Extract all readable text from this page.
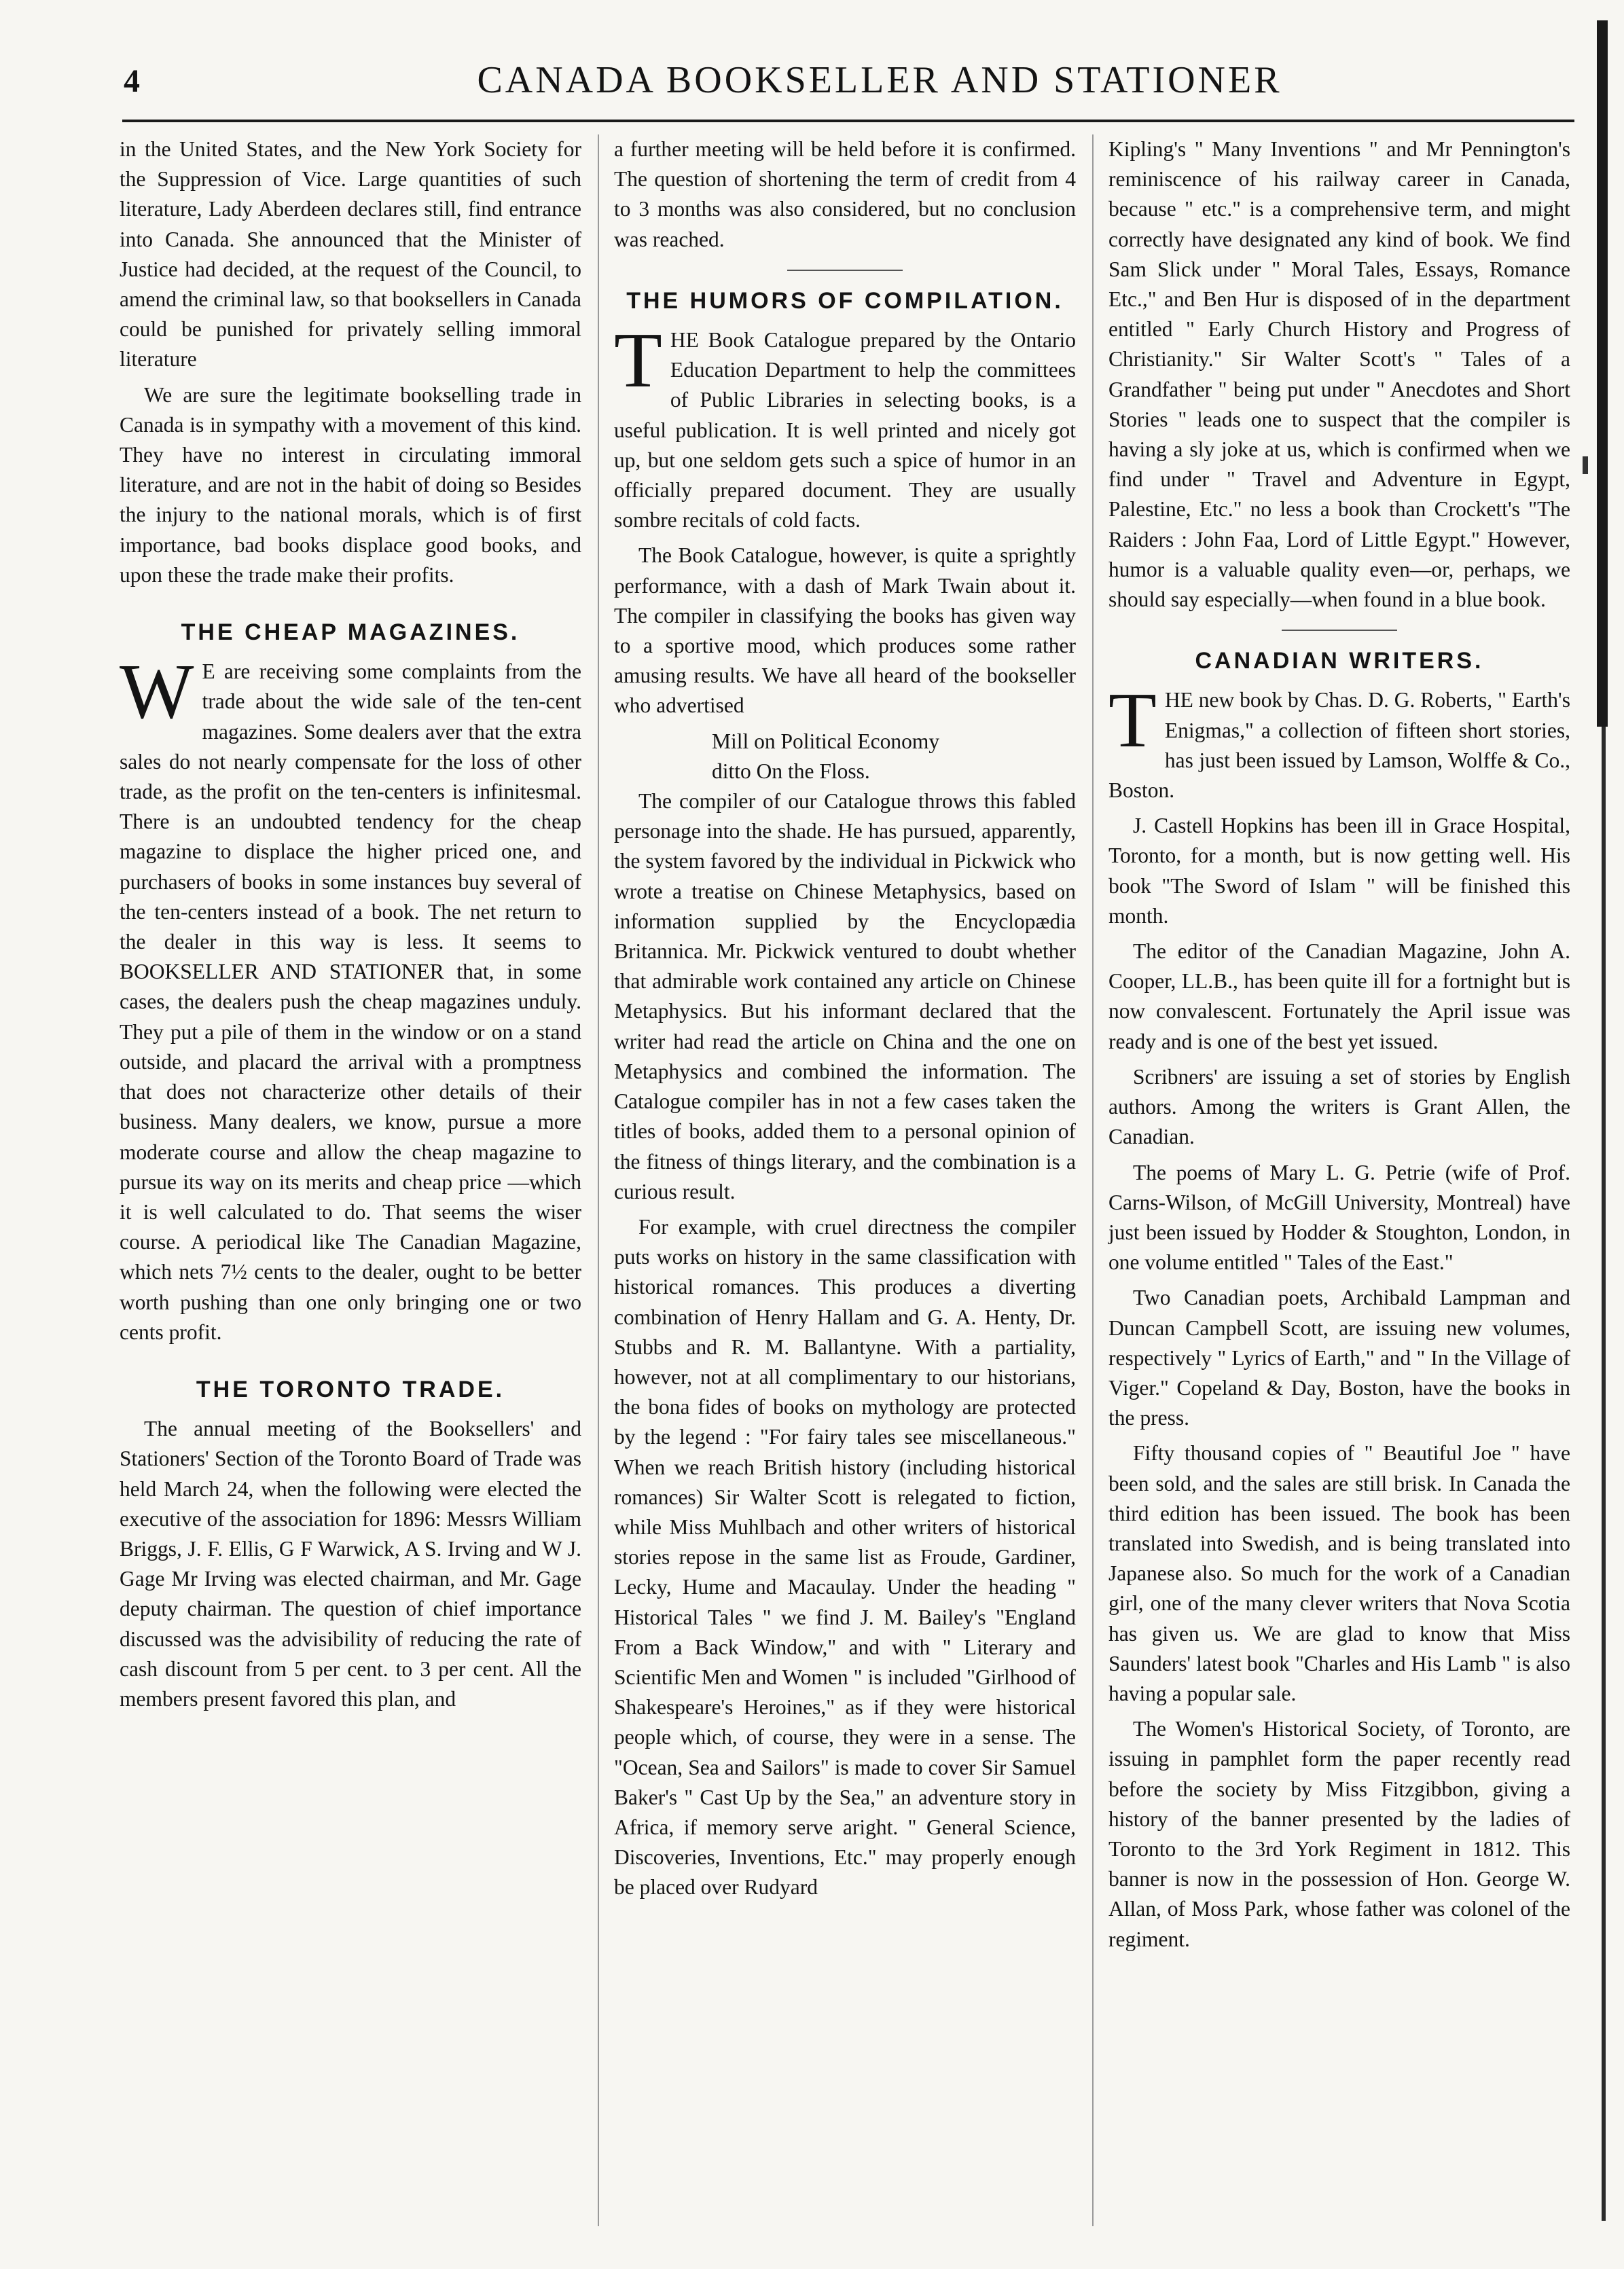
4	CANADA BOOKSELLER AND STATIONER

in the United States, and the New York Society for the Suppression of Vice. Large quantities of such literature, Lady Aberdeen declares still, find entrance into Canada. She announced that the Minister of Justice had decided, at the request of the Council, to amend the criminal law, so that booksellers in Canada could be punished for privately selling immoral literature

We are sure the legitimate bookselling trade in Canada is in sympathy with a movement of this kind. They have no interest in circulating immoral literature, and are not in the habit of doing so Besides the injury to the national morals, which is of first importance, bad books displace good books, and upon these the trade make their profits.

THE CHEAP MAGAZINES.

W E are receiving some complaints from the trade about the wide sale of the ten-cent magazines. Some dealers aver that the extra sales do not nearly compensate for the loss of other trade, as the profit on the ten-centers is infinitesmal. There is an undoubted tendency for the cheap magazine to displace the higher priced one, and purchasers of books in some instances buy several of the ten-centers instead of a book. The net return to the dealer in this way is less. It seems to BOOKSELLER AND STATIONER that, in some cases, the dealers push the cheap magazines unduly. They put a pile of them in the window or on a stand outside, and placard the arrival with a promptness that does not characterize other details of their business. Many dealers, we know, pursue a more moderate course and allow the cheap magazine to pursue its way on its merits and cheap price —which it is well calculated to do. That seems the wiser course. A periodical like The Canadian Magazine, which nets 7½ cents to the dealer, ought to be better worth pushing than one only bringing one or two cents profit.

THE TORONTO TRADE.

The annual meeting of the Booksellers' and Stationers' Section of the Toronto Board of Trade was held March 24, when the following were elected the executive of the association for 1896: Messrs William Briggs, J. F. Ellis, G F Warwick, A S. Irving and W J. Gage Mr Irving was elected chairman, and Mr. Gage deputy chairman. The question of chief importance discussed was the advisibility of reducing the rate of cash discount from 5 per cent. to 3 per cent. All the members present favored this plan, and

a further meeting will be held before it is confirmed. The question of shortening the term of credit from 4 to 3 months was also considered, but no conclusion was reached.

THE HUMORS OF COMPILATION.

THE Book Catalogue prepared by the Ontario Education Department to help the committees of Public Libraries in selecting books, is a useful publication. It is well printed and nicely got up, but one seldom gets such a spice of humor in an officially prepared document. They are usually sombre recitals of cold facts.

The Book Catalogue, however, is quite a sprightly performance, with a dash of Mark Twain about it. The compiler in classifying the books has given way to a sportive mood, which produces some rather amusing results. We have all heard of the bookseller who advertised

Mill on Political Economy

ditto On the Floss.

The compiler of our Catalogue throws this fabled personage into the shade. He has pursued, apparently, the system favored by the individual in Pickwick who wrote a treatise on Chinese Metaphysics, based on information supplied by the Encyclopædia Britannica. Mr. Pickwick ventured to doubt whether that admirable work contained any article on Chinese Metaphysics. But his informant declared that the writer had read the article on China and the one on Metaphysics and combined the information. The Catalogue compiler has in not a few cases taken the titles of books, added them to a personal opinion of the fitness of things literary, and the combination is a curious result.

For example, with cruel directness the compiler puts works on history in the same classification with historical romances. This produces a diverting combination of Henry Hallam and G. A. Henty, Dr. Stubbs and R. M. Ballantyne. With a partiality, however, not at all complimentary to our historians, the bona fides of books on mythology are protected by the legend : "For fairy tales see miscellaneous." When we reach British history (including historical romances) Sir Walter Scott is relegated to fiction, while Miss Muhlbach and other writers of historical stories repose in the same list as Froude, Gardiner, Lecky, Hume and Macaulay. Under the heading " Historical Tales " we find J. M. Bailey's "England From a Back Window," and with " Literary and Scientific Men and Women " is included "Girlhood of Shakespeare's Heroines," as if they were historical people which, of course, they were in a sense. The "Ocean, Sea and Sailors" is made to cover Sir Samuel Baker's " Cast Up by the Sea," an adventure story in Africa, if memory serve aright. " General Science, Discoveries, Inventions, Etc." may properly enough be placed over Rudyard

Kipling's " Many Inventions " and Mr Pennington's reminiscence of his railway career in Canada, because " etc." is a comprehensive term, and might correctly have designated any kind of book. We find Sam Slick under " Moral Tales, Essays, Romance Etc.," and Ben Hur is disposed of in the department entitled " Early Church History and Progress of Christianity." Sir Walter Scott's " Tales of a Grandfather " being put under " Anecdotes and Short Stories " leads one to suspect that the compiler is having a sly joke at us, which is confirmed when we find under " Travel and Adventure in Egypt, Palestine, Etc." no less a book than Crockett's "The Raiders : John Faa, Lord of Little Egypt." However, humor is a valuable quality even—or, perhaps, we should say especially—when found in a blue book.

CANADIAN WRITERS.

THE new book by Chas. D. G. Roberts, " Earth's Enigmas," a collection of fifteen short stories, has just been issued by Lamson, Wolffe & Co., Boston.

J. Castell Hopkins has been ill in Grace Hospital, Toronto, for a month, but is now getting well. His book "The Sword of Islam " will be finished this month.

The editor of the Canadian Magazine, John A. Cooper, LL.B., has been quite ill for a fortnight but is now convalescent. Fortunately the April issue was ready and is one of the best yet issued.

Scribners' are issuing a set of stories by English authors. Among the writers is Grant Allen, the Canadian.

The poems of Mary L. G. Petrie (wife of Prof. Carns-Wilson, of McGill University, Montreal) have just been issued by Hodder & Stoughton, London, in one volume entitled " Tales of the East."

Two Canadian poets, Archibald Lampman and Duncan Campbell Scott, are issuing new volumes, respectively " Lyrics of Earth," and " In the Village of Viger." Copeland & Day, Boston, have the books in the press.

Fifty thousand copies of " Beautiful Joe " have been sold, and the sales are still brisk. In Canada the third edition has been issued. The book has been translated into Swedish, and is being translated into Japanese also. So much for the work of a Canadian girl, one of the many clever writers that Nova Scotia has given us. We are glad to know that Miss Saunders' latest book "Charles and His Lamb " is also having a popular sale.

The Women's Historical Society, of Toronto, are issuing in pamphlet form the paper recently read before the society by Miss Fitzgibbon, giving a history of the banner presented by the ladies of Toronto to the 3rd York Regiment in 1812. This banner is now in the possession of Hon. George W. Allan, of Moss Park, whose father was colonel of the regiment.
